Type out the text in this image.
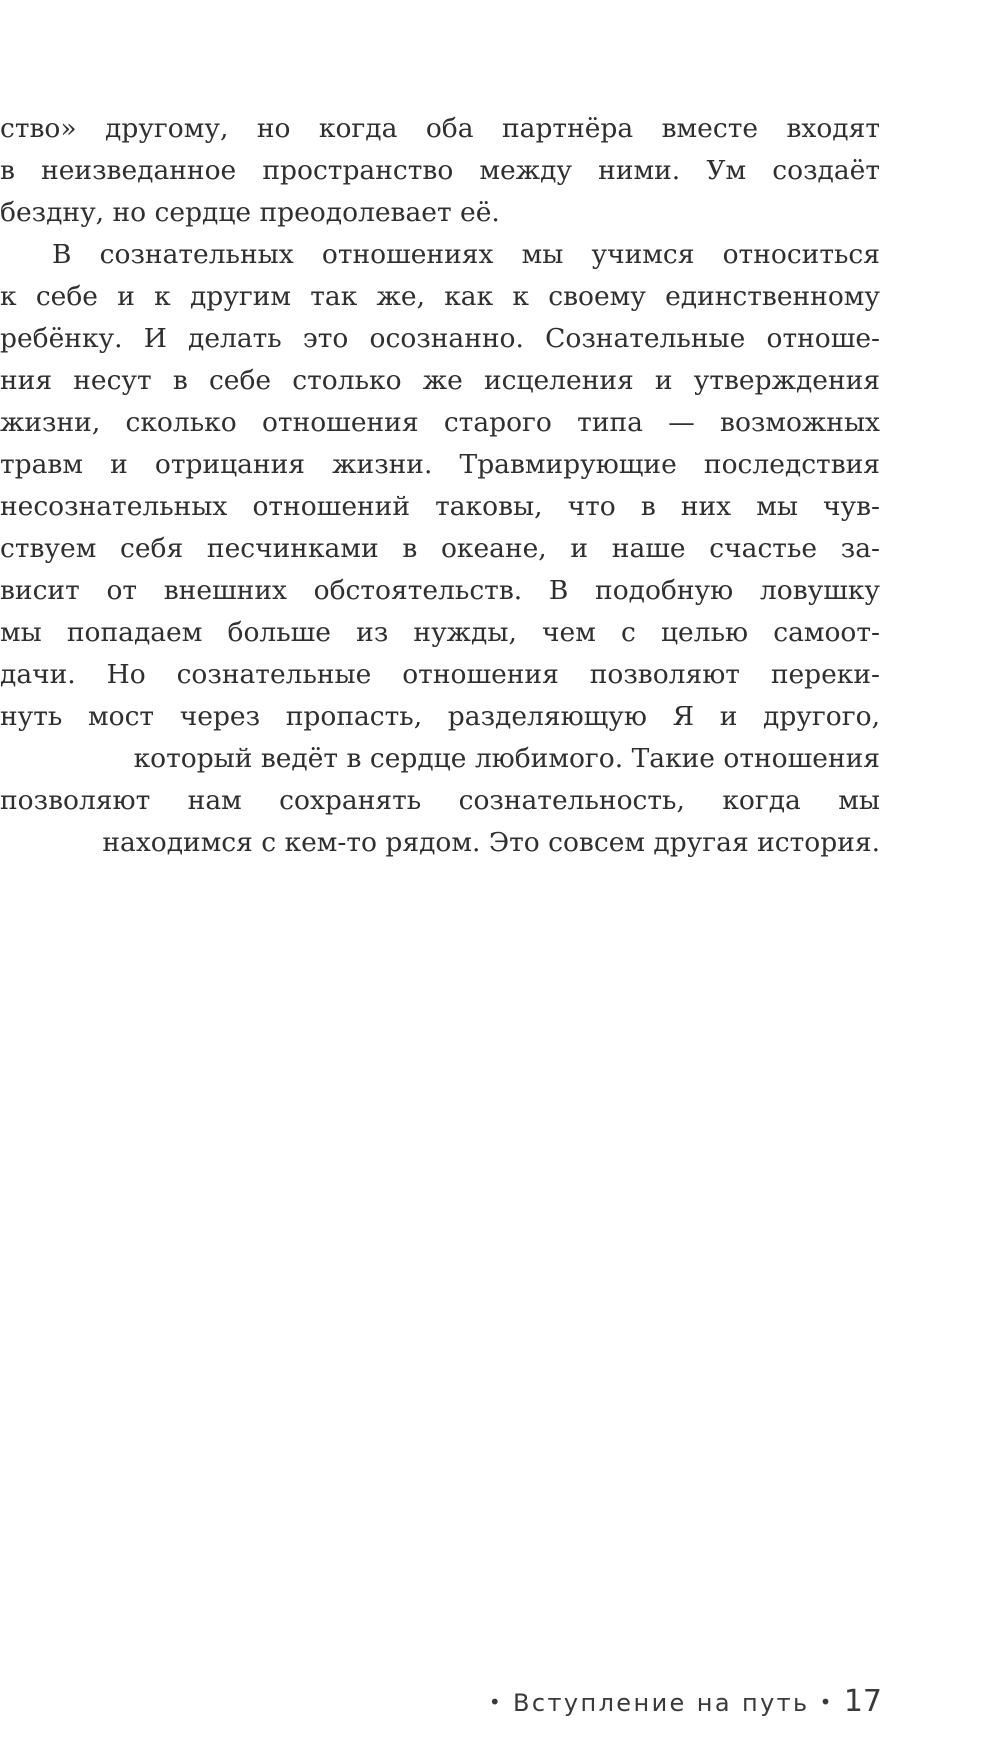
ство» другому, но когда оба партнёра вместе входят
в неизведанное пространство между ними. Ум создаёт
бездну, но сердце преодолевает её.
В сознательных отношениях мы учимся относиться
к себе и к другим так же, как к своему единственному
ребёнку. И делать это осознанно. Сознательные отноше-
ния несут в себе столько же исцеления и утверждения
жизни, сколько отношения старого типа — возможных
травм и отрицания жизни. Травмирующие последствия
несознательных отношений таковы, что в них мы чув-
ствуем себя песчинками в океане, и наше счастье за-
висит от внешних обстоятельств. В подобную ловушку
мы попадаем больше из нужды, чем с целью самоот-
дачи. Но сознательные отношения позволяют переки-
нуть мост через пропасть, разделяющую Я и другого,
который ведёт в сердце любимого. Такие отношения
позволяют нам сохранять сознательность, когда мы
находимся с кем-то рядом. Это совсем другая история.
• Вступление на путь • 17
